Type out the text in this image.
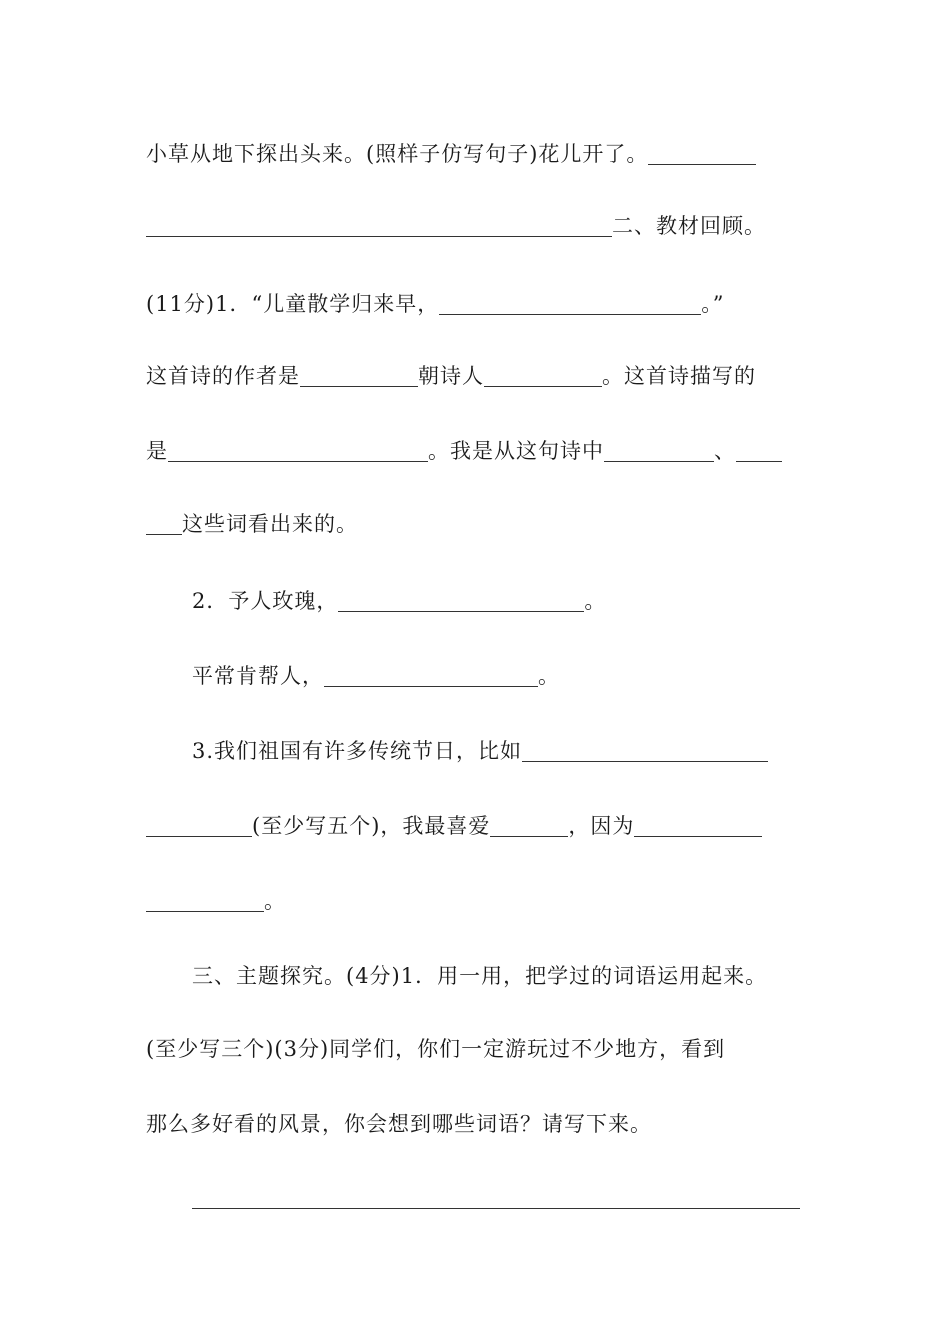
小草从地下探出头来。(照样子仿写句子)花儿开了。
二、教材回顾。
(11分)1．“儿童散学归来早，	。”
这首诗的作者是	朝诗人	。这首诗描写的
是	。我是从这句诗中	、
这些词看出来的。
2．予人玫瑰，	。
平常肯帮人，	。
3.我们祖国有许多传统节日，比如
(至少写五个)，我最喜爱	，因为
。
三、主题探究。(4分)1．用一用，把学过的词语运用起来。
(至少写三个)(3分)同学们，你们一定游玩过不少地方，看到
那么多好看的风景，你会想到哪些词语？请写下来。
